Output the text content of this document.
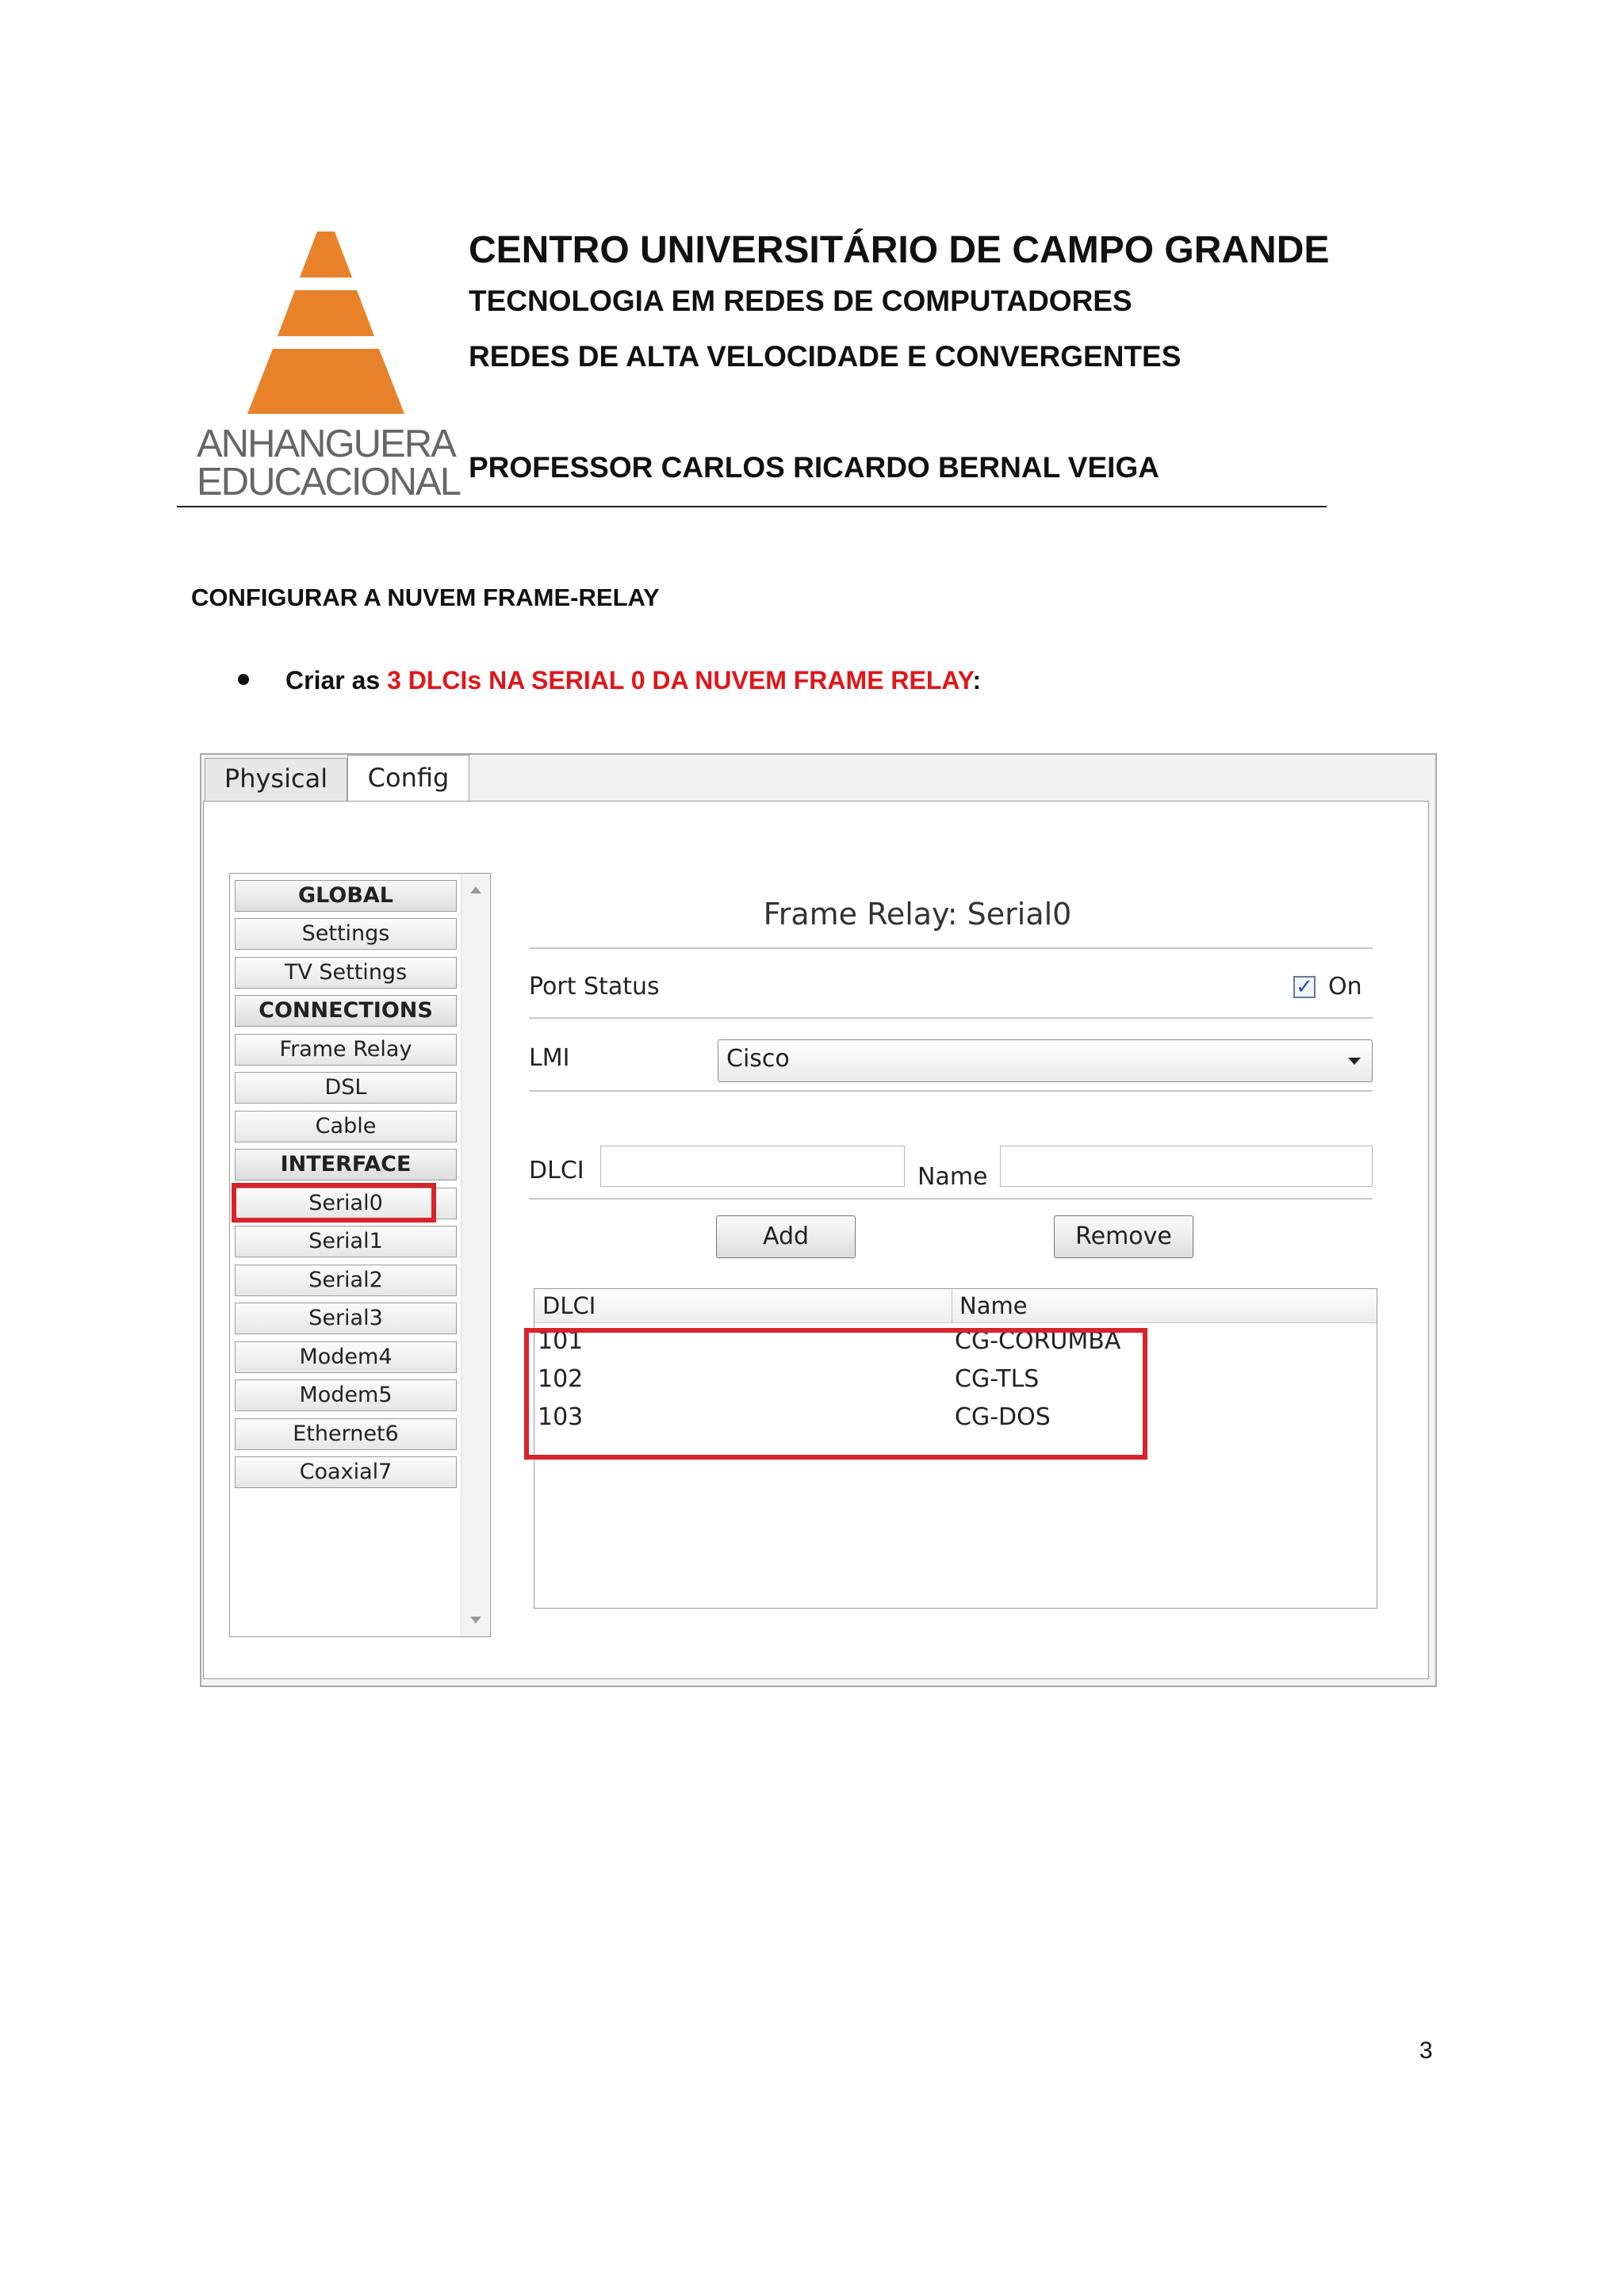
ANHANGUERA
EDUCACIONAL
CENTRO UNIVERSITÁRIO DE CAMPO GRANDE
TECNOLOGIA EM REDES DE COMPUTADORES
REDES DE ALTA VELOCIDADE E CONVERGENTES
PROFESSOR CARLOS RICARDO BERNAL VEIGA
CONFIGURAR A NUVEM FRAME-RELAY
Criar as 3 DLCIs NA SERIAL 0 DA NUVEM FRAME RELAY:
Physical	Config
GLOBAL
Settings
TV Settings
CONNECTIONS
Frame Relay
DSL
Cable
INTERFACE
Serial0
Serial1
Serial2
Serial3
Modem4
Modem5
Ethernet6
Coaxial7
Frame Relay: Serial0
Port Status	✓ On
LMI	Cisco
DLCI	Name
Add	Remove
DLCI	Name
101	CG-CORUMBA
102	CG-TLS
103	CG-DOS
3
